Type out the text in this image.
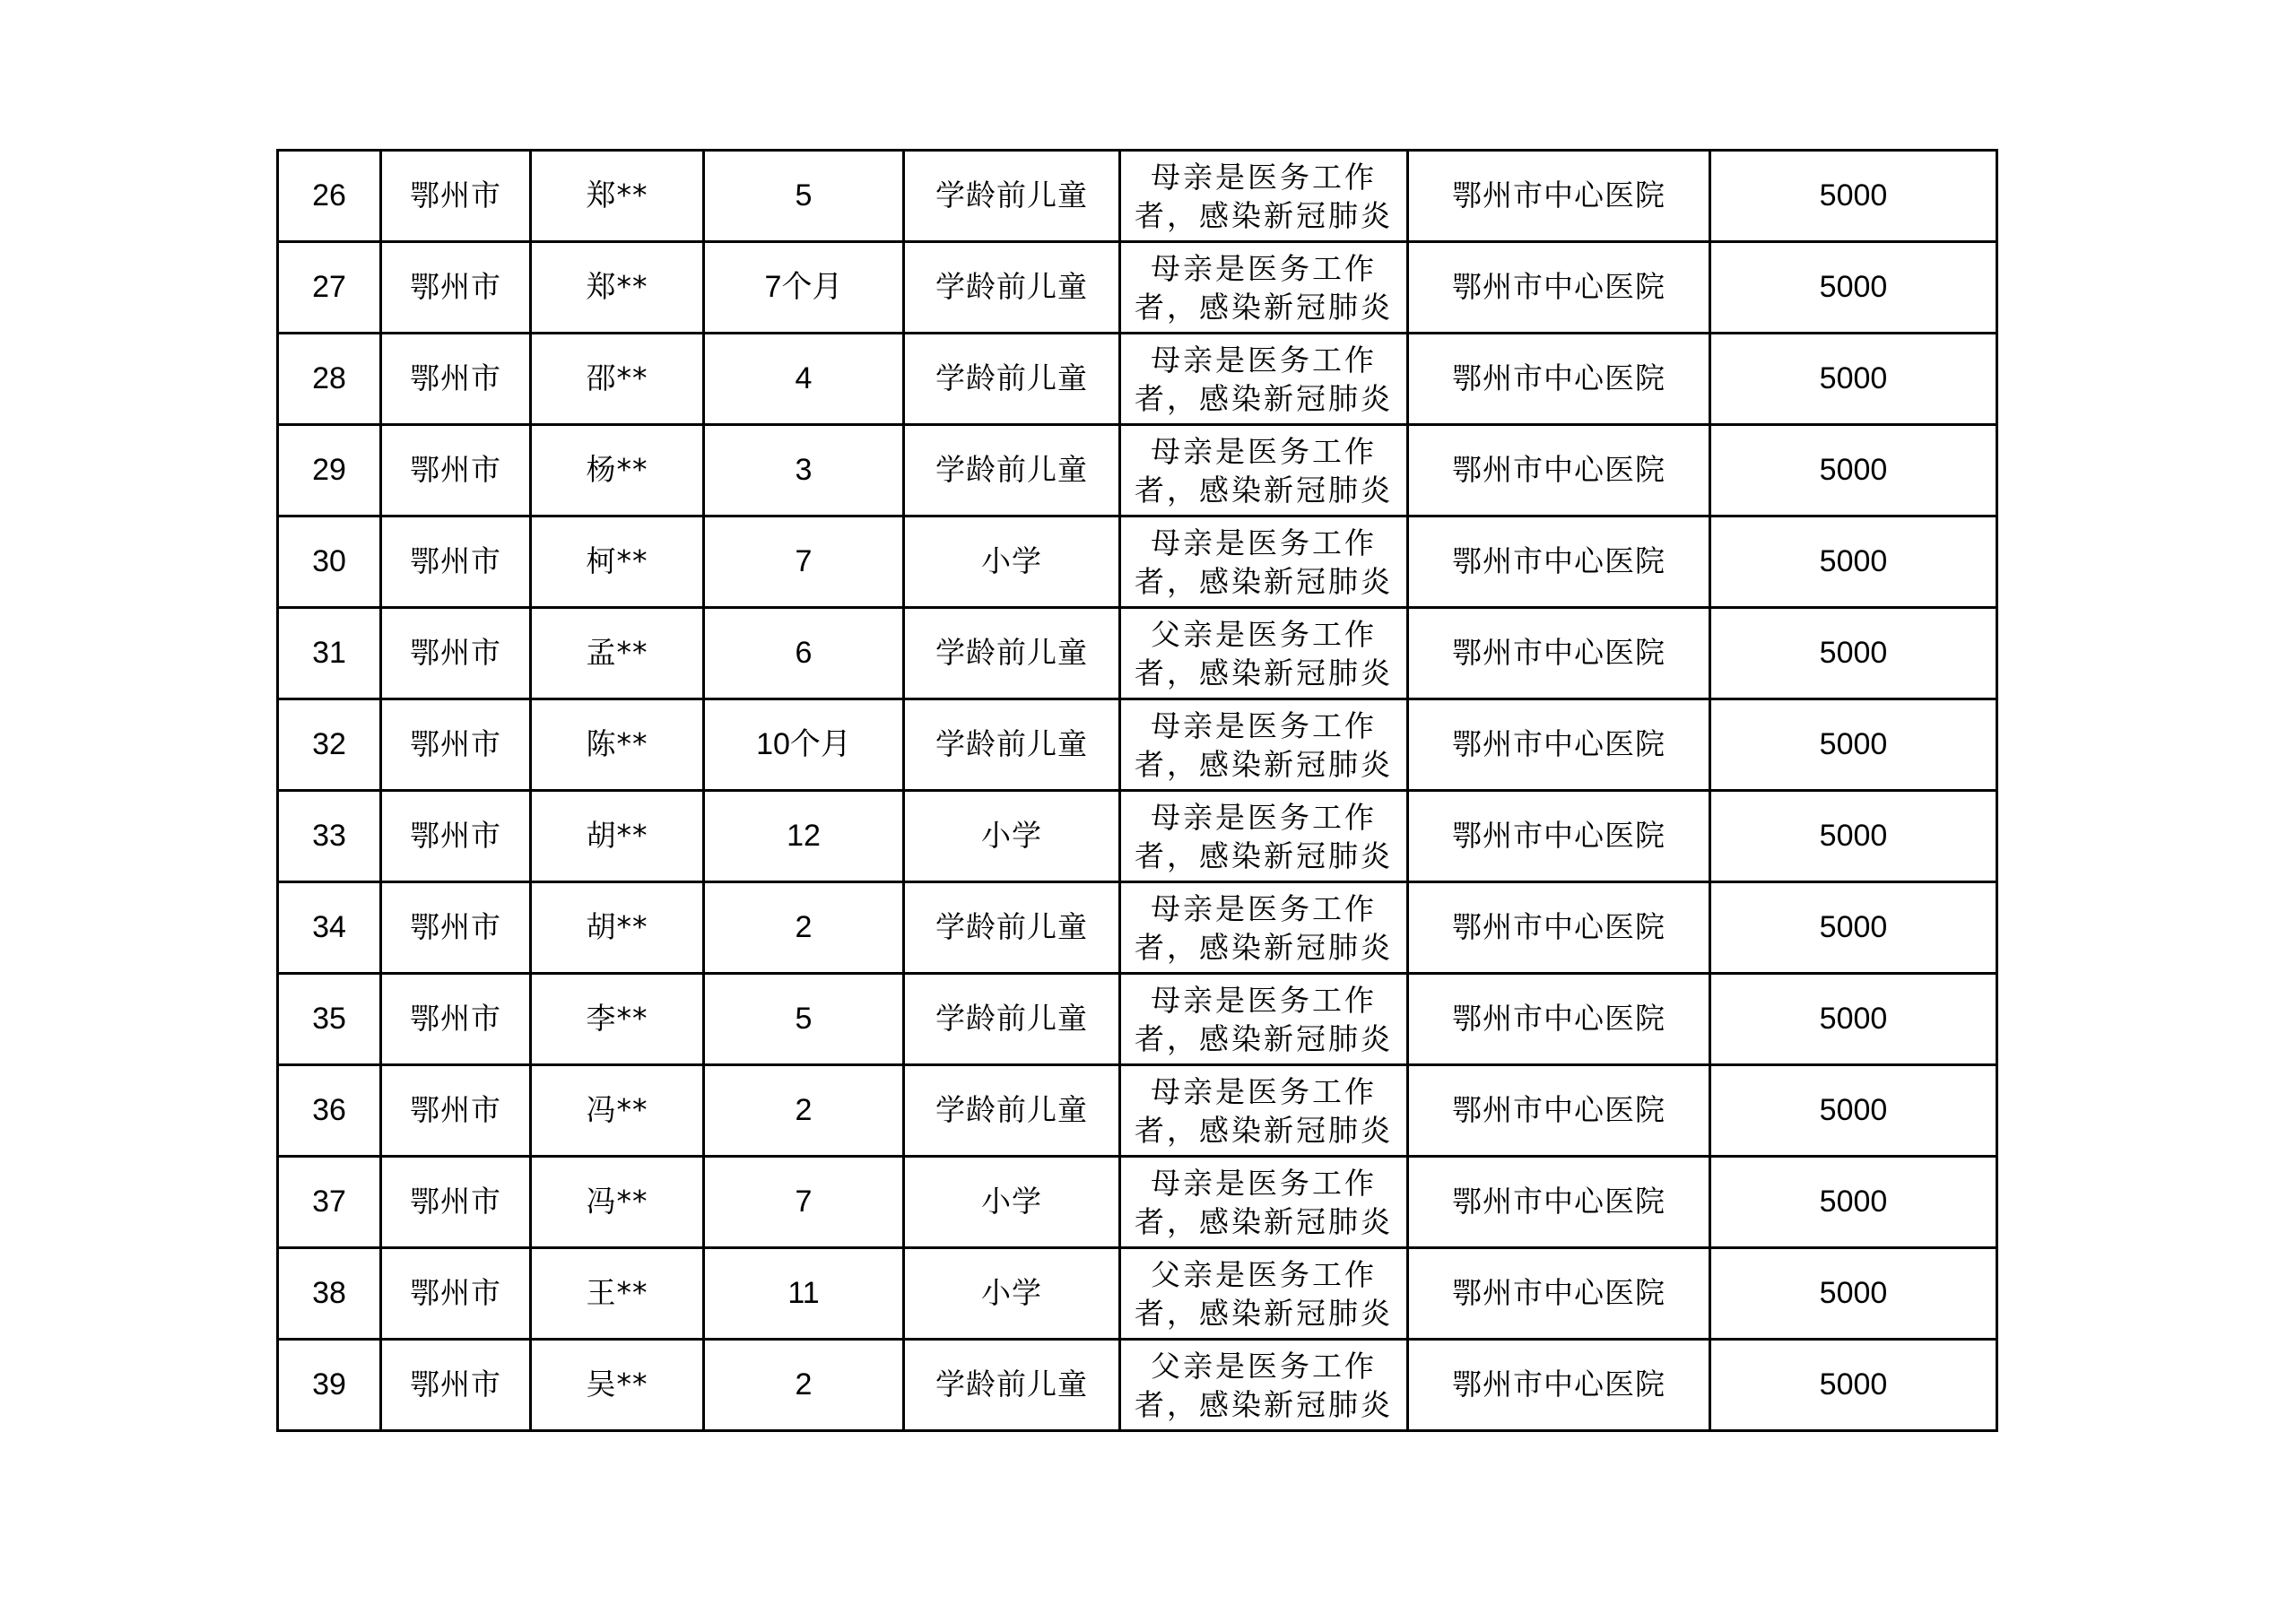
26	鄂州市	郑**	5	学龄前儿童	母亲是医务工作
者，感染新冠肺炎	鄂州市中心医院	5000
27	鄂州市	郑**	7个月	学龄前儿童	母亲是医务工作
者，感染新冠肺炎	鄂州市中心医院	5000
28	鄂州市	邵**	4	学龄前儿童	母亲是医务工作
者，感染新冠肺炎	鄂州市中心医院	5000
29	鄂州市	杨**	3	学龄前儿童	母亲是医务工作
者，感染新冠肺炎	鄂州市中心医院	5000
30	鄂州市	柯**	7	小学	母亲是医务工作
者，感染新冠肺炎	鄂州市中心医院	5000
31	鄂州市	孟**	6	学龄前儿童	父亲是医务工作
者，感染新冠肺炎	鄂州市中心医院	5000
32	鄂州市	陈**	10个月	学龄前儿童	母亲是医务工作
者，感染新冠肺炎	鄂州市中心医院	5000
33	鄂州市	胡**	12	小学	母亲是医务工作
者，感染新冠肺炎	鄂州市中心医院	5000
34	鄂州市	胡**	2	学龄前儿童	母亲是医务工作
者，感染新冠肺炎	鄂州市中心医院	5000
35	鄂州市	李**	5	学龄前儿童	母亲是医务工作
者，感染新冠肺炎	鄂州市中心医院	5000
36	鄂州市	冯**	2	学龄前儿童	母亲是医务工作
者，感染新冠肺炎	鄂州市中心医院	5000
37	鄂州市	冯**	7	小学	母亲是医务工作
者，感染新冠肺炎	鄂州市中心医院	5000
38	鄂州市	王**	11	小学	父亲是医务工作
者，感染新冠肺炎	鄂州市中心医院	5000
39	鄂州市	吴**	2	学龄前儿童	父亲是医务工作
者，感染新冠肺炎	鄂州市中心医院	5000
